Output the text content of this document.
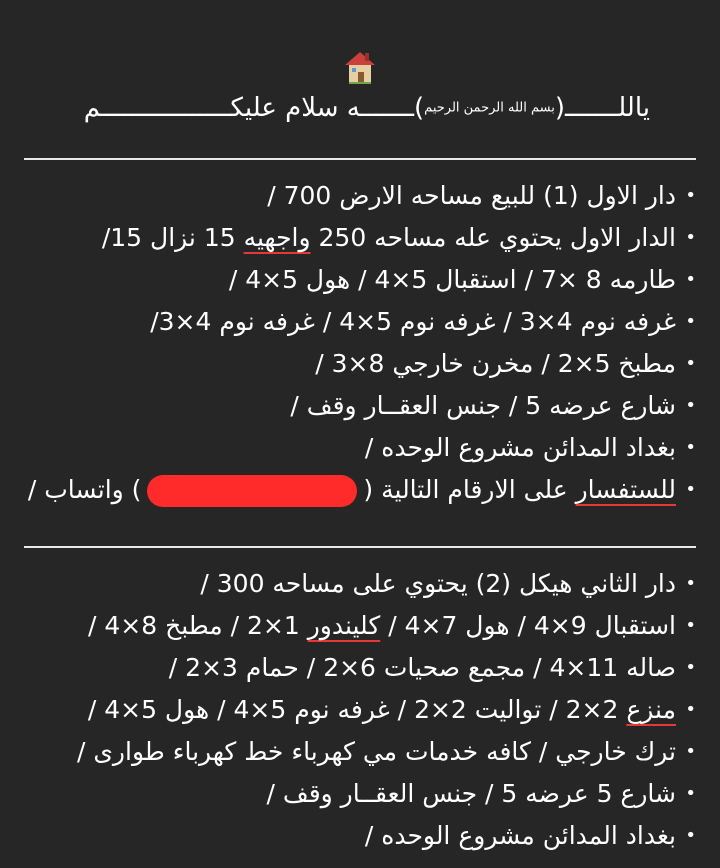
ياللـــــــ(بسم الله الرحمن الرحيم)ـــــــه سلام عليكـــــــــــــــــم
• دار الاول (1) للبيع مساحه الارض 700 /
• الدار الاول يحتوي عله مساحه 250 واجهيه 15 نزال 15/
• طارمه 8 ×7 / استقبال 5×4 / هول 5×4 /
• غرفه نوم 4×3 / غرفه نوم 5×4 / غرفه نوم 4×3/
• مطبخ 5×2 / مخرن خارجي 8×3 /
• شارع عرضه 5 / جنس العقــار وقف /
• بغداد المدائن مشروع الوحده /
• للستفسار على الارقام التالية () واتساب /
• دار الثاني هيكل (2) يحتوي على مساحه 300 /
• استقبال 9×4 / هول 7×4 / كليندور 1×2 / مطبخ 8×4 /
• صاله 11×4 / مجمع صحيات 6×2 / حمام 3×2 /
• منزع 2×2 / تواليت 2×2 / غرفه نوم 5×4 / هول 5×4 /
• ترك خارجي / كافه خدمات مي كهرباء خط كهرباء طوارى /
• شارع 5 عرضه 5 / جنس العقــار وقف /
• بغداد المدائن مشروع الوحده /
